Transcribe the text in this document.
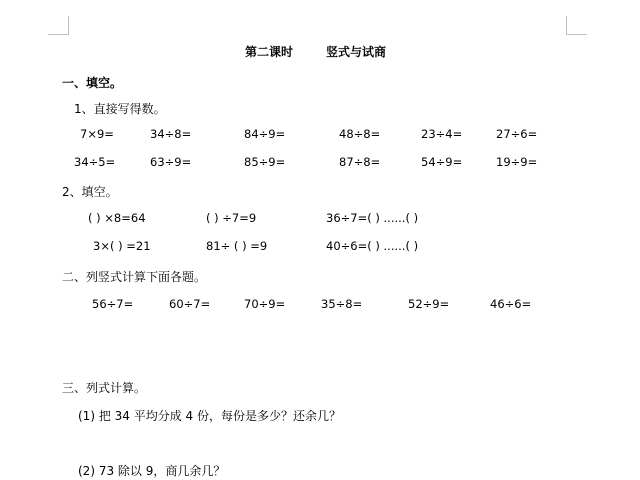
第二课时	竖式与试商
一、填空。
1、直接写得数。
7×9=	34÷8=	84÷9=	48÷8=	23÷4=	27÷6=
34÷5=	63÷9=	85÷9=	87÷8=	54÷9=	19÷9=
2、填空。
( ) ×8=64	( ) ÷7=9	36÷7=( ) ......( )
3×( ) =21	81÷ ( ) =9	40÷6=( ) ......( )
二、列竖式计算下面各题。
56÷7=	60÷7=	70÷9=	35÷8=	52÷9=	46÷6=
三、列式计算。
(1) 把 34 平均分成 4 份，每份是多少？还余几？
(2) 73 除以 9，商几余几？
